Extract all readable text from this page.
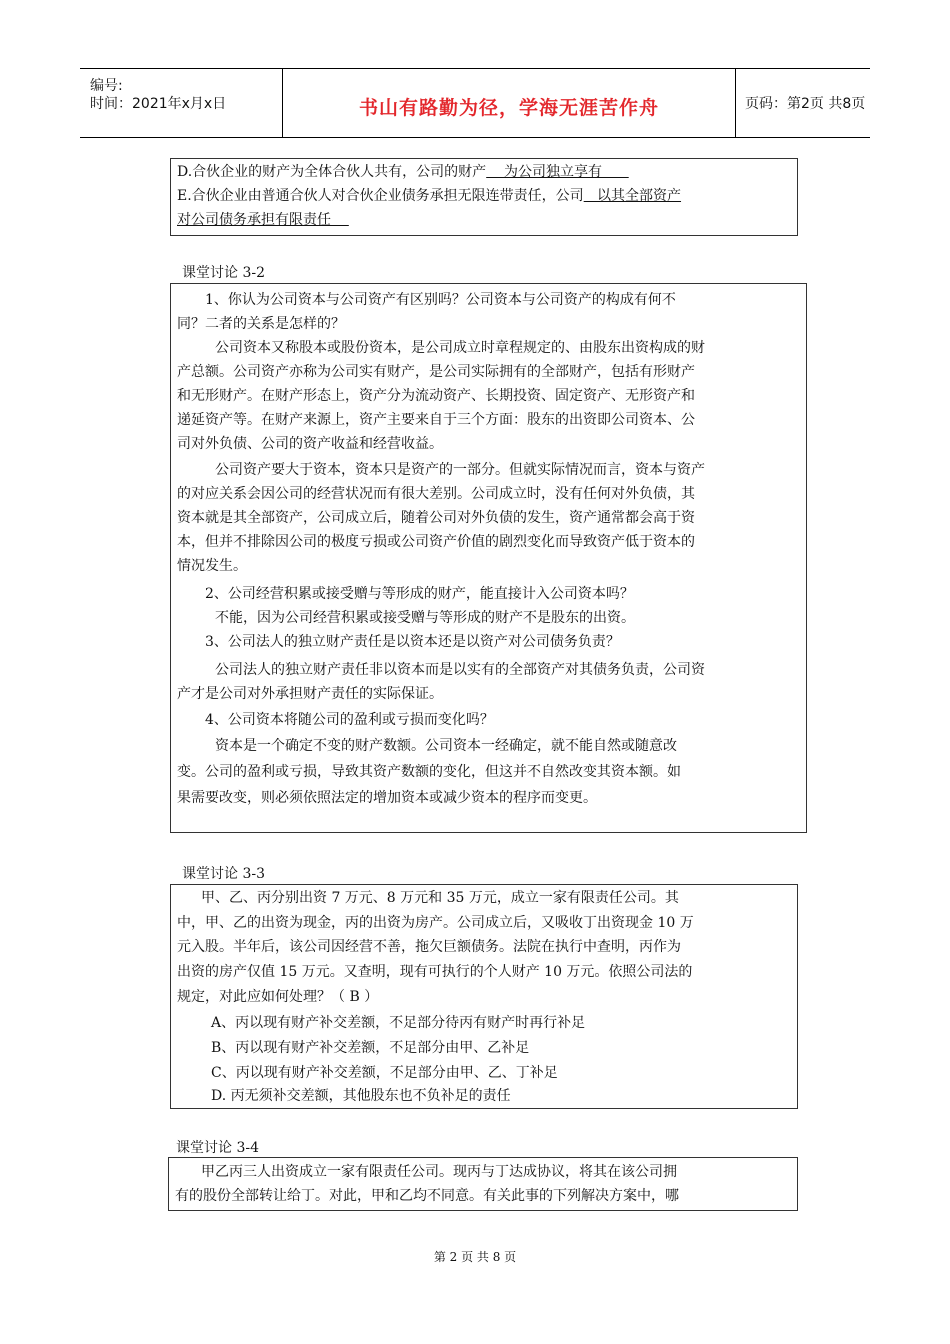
编号:
时间：2021年x月x日	书山有路勤为径，学海无涯苦作舟	页码：第2页 共8页
D.合伙企业的财产为全体合伙人共有，公司的财产    为公司独立享有
E.合伙企业由普通合伙人对合伙企业债务承担无限连带责任，公司   以其全部资产
对公司债务承担有限责任
课堂讨论 3-2
1、你认为公司资本与公司资产有区别吗？公司资本与公司资产的构成有何不
同？二者的关系是怎样的？
公司资本又称股本或股份资本，是公司成立时章程规定的、由股东出资构成的财
产总额。公司资产亦称为公司实有财产，是公司实际拥有的全部财产，包括有形财产
和无形财产。在财产形态上，资产分为流动资产、长期投资、固定资产、无形资产和
递延资产等。在财产来源上，资产主要来自于三个方面：股东的出资即公司资本、公
司对外负债、公司的资产收益和经营收益。
公司资产要大于资本，资本只是资产的一部分。但就实际情况而言，资本与资产
的对应关系会因公司的经营状况而有很大差别。公司成立时，没有任何对外负债，其
资本就是其全部资产，公司成立后，随着公司对外负债的发生，资产通常都会高于资
本，但并不排除因公司的极度亏损或公司资产价值的剧烈变化而导致资产低于资本的
情况发生。
2、公司经营积累或接受赠与等形成的财产，能直接计入公司资本吗？
不能，因为公司经营积累或接受赠与等形成的财产不是股东的出资。
3、公司法人的独立财产责任是以资本还是以资产对公司债务负责？
公司法人的独立财产责任非以资本而是以实有的全部资产对其债务负责，公司资
产才是公司对外承担财产责任的实际保证。
4、公司资本将随公司的盈利或亏损而变化吗？
资本是一个确定不变的财产数额。公司资本一经确定，就不能自然或随意改
变。公司的盈利或亏损，导致其资产数额的变化，但这并不自然改变其资本额。如
果需要改变，则必须依照法定的增加资本或减少资本的程序而变更。
课堂讨论 3-3
甲、乙、丙分别出资 7 万元、8 万元和 35 万元，成立一家有限责任公司。其
中，甲、乙的出资为现金，丙的出资为房产。公司成立后，又吸收丁出资现金 10 万
元入股。半年后，该公司因经营不善，拖欠巨额债务。法院在执行中查明，丙作为
出资的房产仅值 15 万元。又查明，现有可执行的个人财产 10 万元。依照公司法的
规定，对此应如何处理？（ B ）
A、丙以现有财产补交差额，不足部分待丙有财产时再行补足
B、丙以现有财产补交差额，不足部分由甲、乙补足
C、丙以现有财产补交差额，不足部分由甲、乙、丁补足
D. 丙无须补交差额，其他股东也不负补足的责任
课堂讨论 3-4
甲乙丙三人出资成立一家有限责任公司。现丙与丁达成协议，将其在该公司拥
有的股份全部转让给丁。对此，甲和乙均不同意。有关此事的下列解决方案中，哪
第 2 页 共 8 页
